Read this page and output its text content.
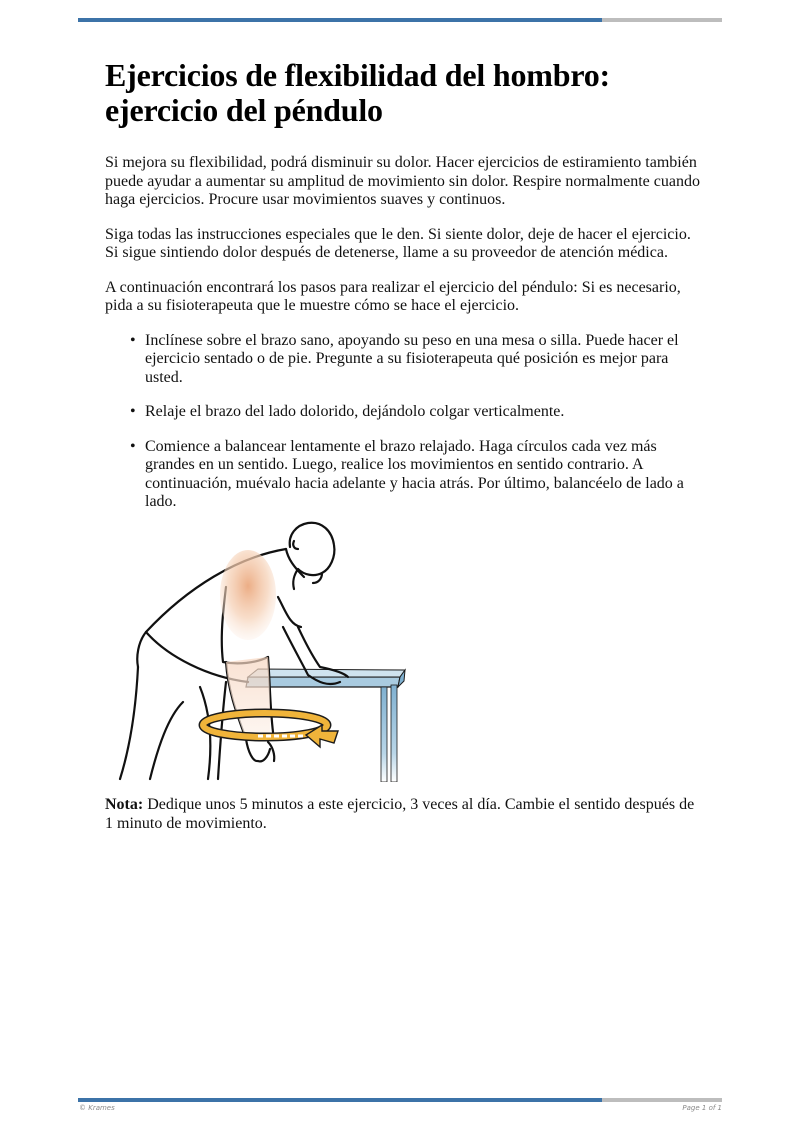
Ejercicios de flexibilidad del hombro: ejercicio del péndulo

Si mejora su flexibilidad, podrá disminuir su dolor. Hacer ejercicios de estiramiento también puede ayudar a aumentar su amplitud de movimiento sin dolor. Respire normalmente cuando haga ejercicios. Procure usar movimientos suaves y continuos.

Siga todas las instrucciones especiales que le den. Si siente dolor, deje de hacer el ejercicio. Si sigue sintiendo dolor después de detenerse, llame a su proveedor de atención médica.

A continuación encontrará los pasos para realizar el ejercicio del péndulo: Si es necesario, pida a su fisioterapeuta que le muestre cómo se hace el ejercicio.

• Inclínese sobre el brazo sano, apoyando su peso en una mesa o silla. Puede hacer el ejercicio sentado o de pie. Pregunte a su fisioterapeuta qué posición es mejor para usted.
• Relaje el brazo del lado dolorido, dejándolo colgar verticalmente.
• Comience a balancear lentamente el brazo relajado. Haga círculos cada vez más grandes en un sentido. Luego, realice los movimientos en sentido contrario. A continuación, muévalo hacia adelante y hacia atrás. Por último, balancéelo de lado a lado.
Nota: Dedique unos 5 minutos a este ejercicio, 3 veces al día. Cambie el sentido después de 1 minuto de movimiento.
© Krames	Page 1 of 1
